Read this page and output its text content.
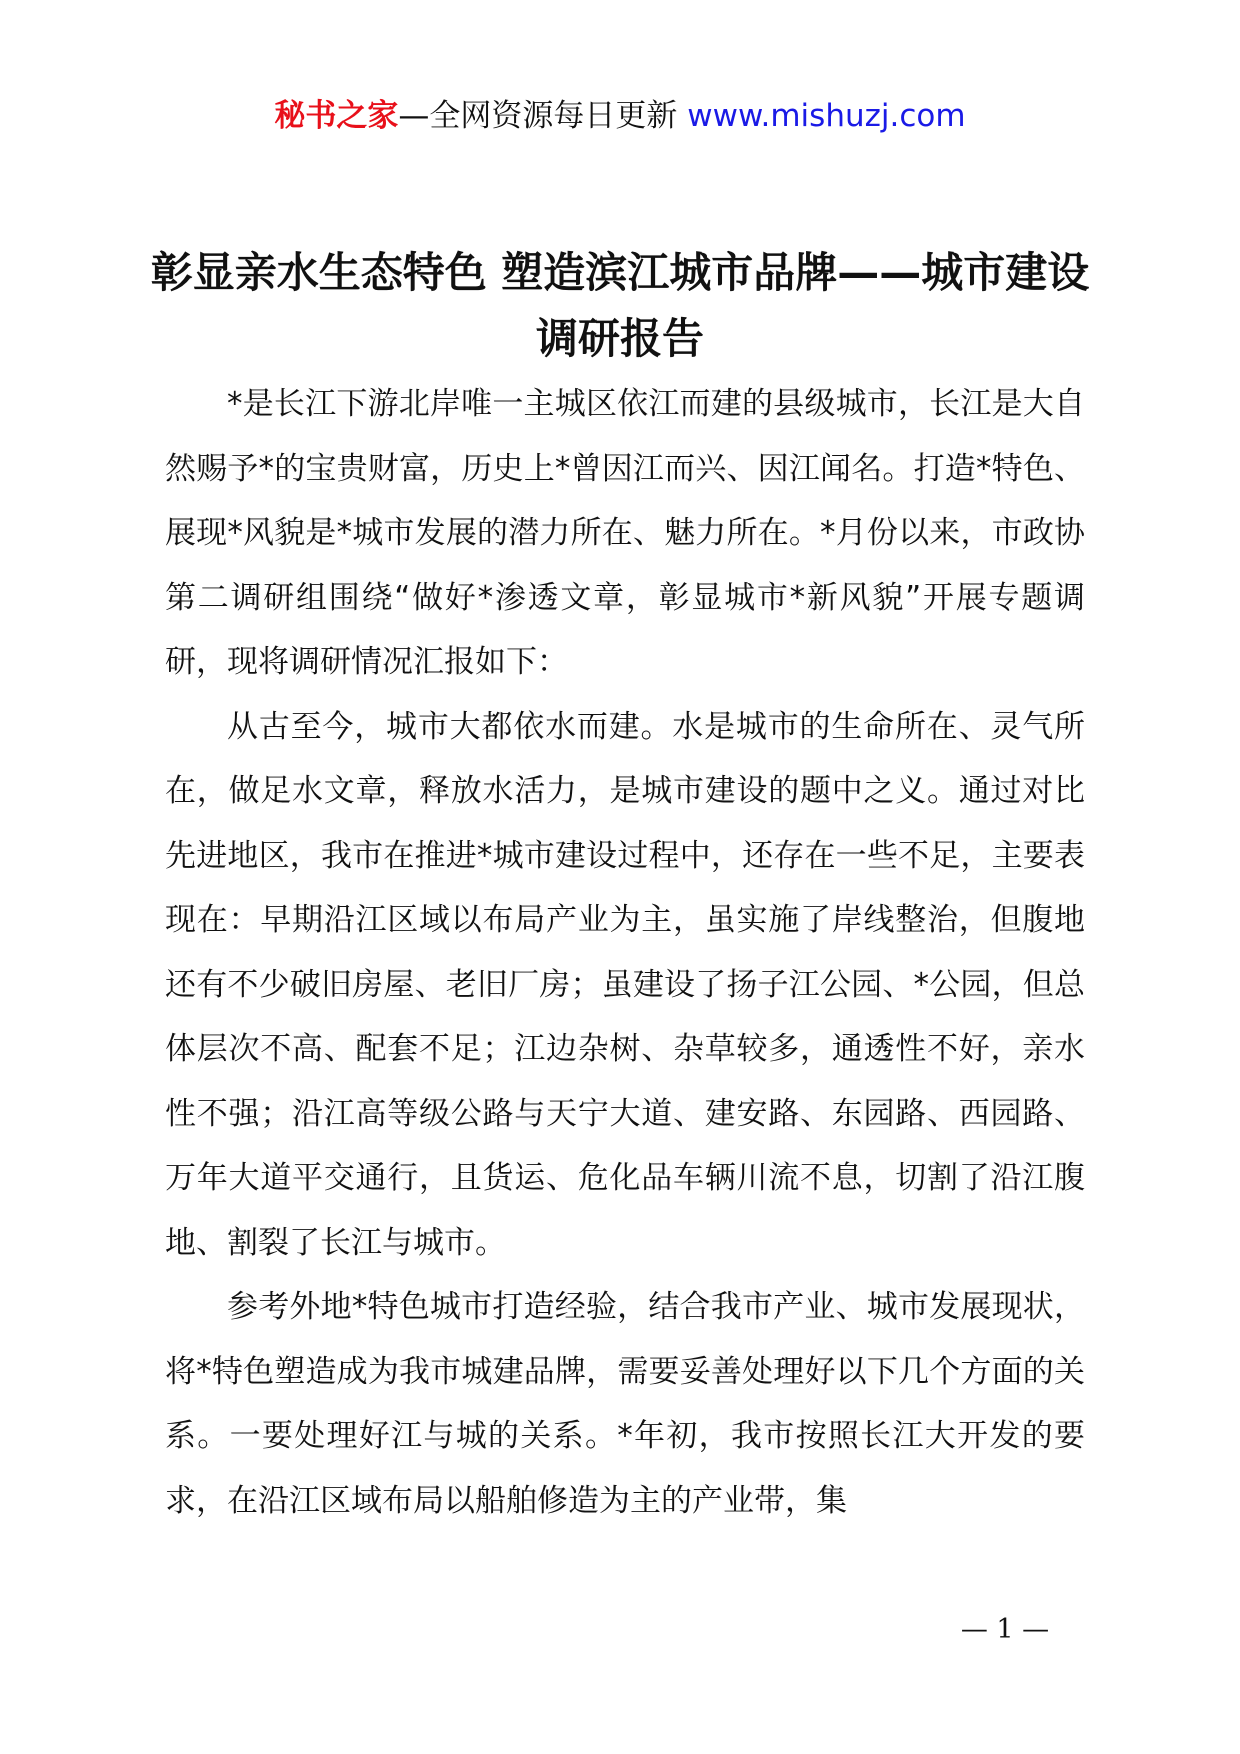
秘书之家—全网资源每日更新 www.mishuzj.com
彰显亲水生态特色 塑造滨江城市品牌——城市建设调研报告

*是长江下游北岸唯一主城区依江而建的县级城市，长江是大自然赐予*的宝贵财富，历史上*曾因江而兴、因江闻名。打造*特色、展现*风貌是*城市发展的潜力所在、魅力所在。*月份以来，市政协第二调研组围绕“做好*渗透文章，彰显城市*新风貌”开展专题调研，现将调研情况汇报如下：

从古至今，城市大都依水而建。水是城市的生命所在、灵气所在，做足水文章，释放水活力，是城市建设的题中之义。通过对比先进地区，我市在推进*城市建设过程中，还存在一些不足，主要表现在：早期沿江区域以布局产业为主，虽实施了岸线整治，但腹地还有不少破旧房屋、老旧厂房；虽建设了扬子江公园、*公园，但总体层次不高、配套不足；江边杂树、杂草较多，通透性不好，亲水性不强；沿江高等级公路与天宁大道、建安路、东园路、西园路、万年大道平交通行，且货运、危化品车辆川流不息，切割了沿江腹地、割裂了长江与城市。

参考外地*特色城市打造经验，结合我市产业、城市发展现状，将*特色塑造成为我市城建品牌，需要妥善处理好以下几个方面的关系。一要处理好江与城的关系。*年初，我市按照长江大开发的要求，在沿江区域布局以船舶修造为主的产业带，集

— 1 —
